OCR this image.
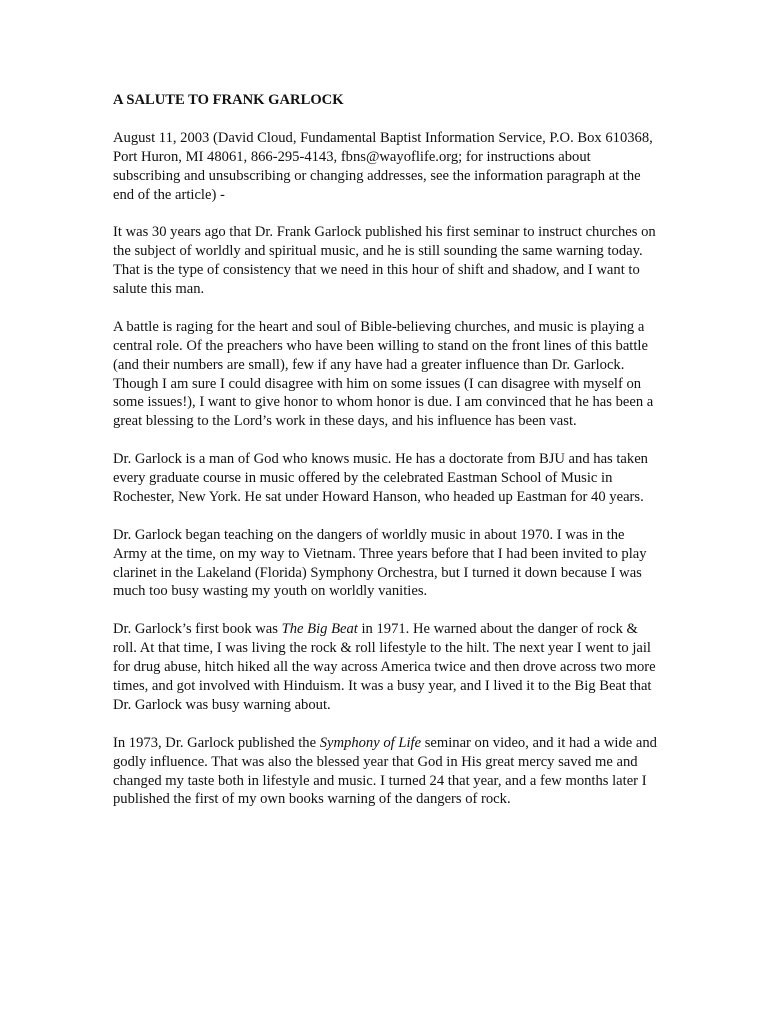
A SALUTE TO FRANK GARLOCK

August 11, 2003 (David Cloud, Fundamental Baptist Information Service, P.O. Box 610368, Port Huron, MI 48061, 866-295-4143, fbns@wayoflife.org; for instructions about subscribing and unsubscribing or changing addresses, see the information paragraph at the end of the article) -

It was 30 years ago that Dr. Frank Garlock published his first seminar to instruct churches on the subject of worldly and spiritual music, and he is still sounding the same warning today. That is the type of consistency that we need in this hour of shift and shadow, and I want to salute this man.

A battle is raging for the heart and soul of Bible-believing churches, and music is playing a central role. Of the preachers who have been willing to stand on the front lines of this battle (and their numbers are small), few if any have had a greater influence than Dr. Garlock. Though I am sure I could disagree with him on some issues (I can disagree with myself on some issues!), I want to give honor to whom honor is due. I am convinced that he has been a great blessing to the Lord’s work in these days, and his influence has been vast.

Dr. Garlock is a man of God who knows music. He has a doctorate from BJU and has taken every graduate course in music offered by the celebrated Eastman School of Music in Rochester, New York. He sat under Howard Hanson, who headed up Eastman for 40 years.

Dr. Garlock began teaching on the dangers of worldly music in about 1970. I was in the Army at the time, on my way to Vietnam. Three years before that I had been invited to play clarinet in the Lakeland (Florida) Symphony Orchestra, but I turned it down because I was much too busy wasting my youth on worldly vanities.

Dr. Garlock’s first book was The Big Beat in 1971. He warned about the danger of rock & roll. At that time, I was living the rock & roll lifestyle to the hilt. The next year I went to jail for drug abuse, hitch hiked all the way across America twice and then drove across two more times, and got involved with Hinduism. It was a busy year, and I lived it to the Big Beat that Dr. Garlock was busy warning about.

In 1973, Dr. Garlock published the Symphony of Life seminar on video, and it had a wide and godly influence. That was also the blessed year that God in His great mercy saved me and changed my taste both in lifestyle and music. I turned 24 that year, and a few months later I published the first of my own books warning of the dangers of rock.
